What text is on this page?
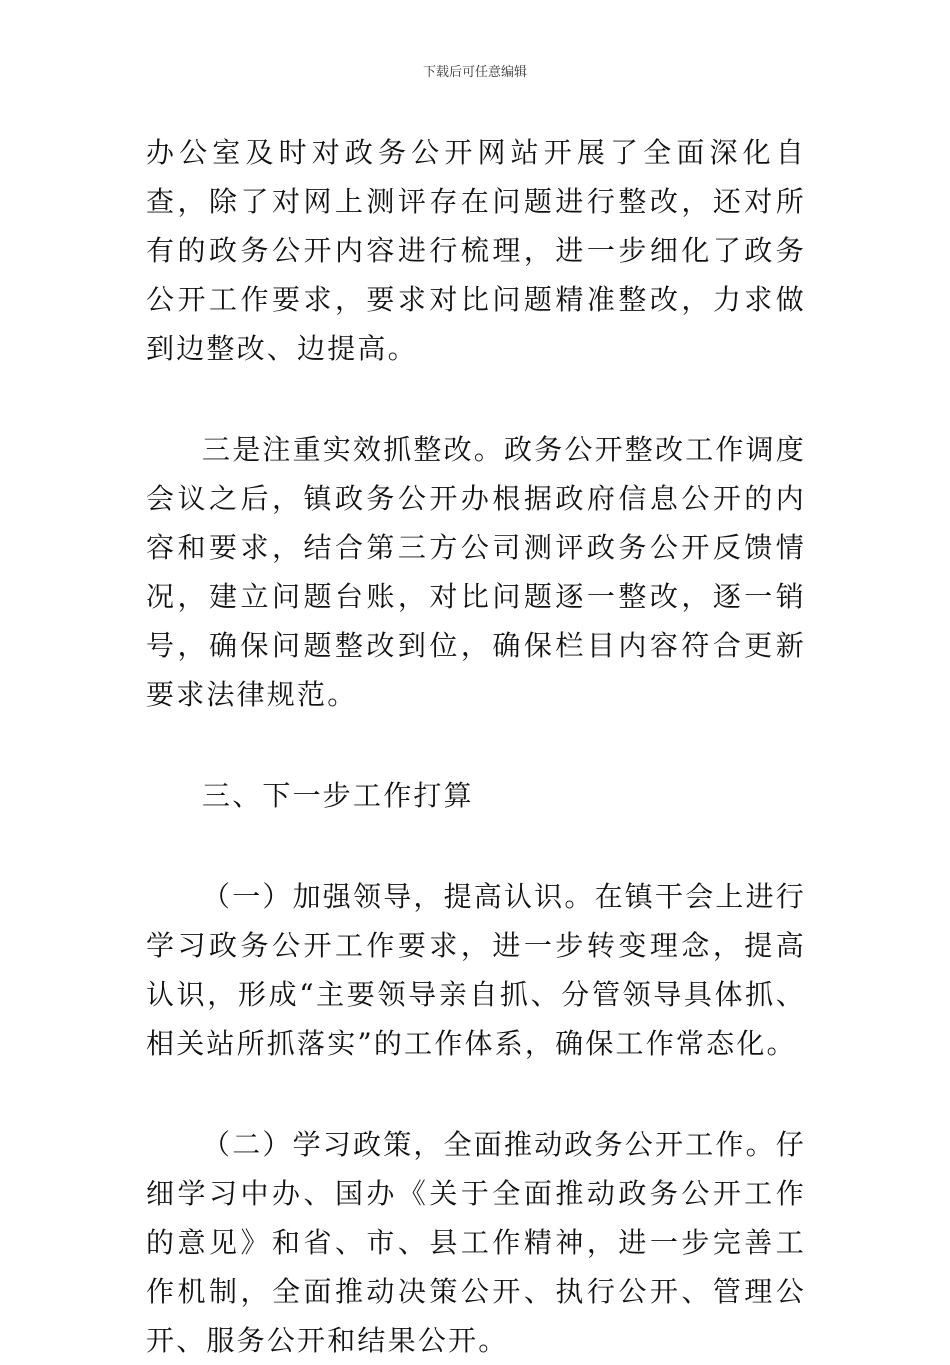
下载后可任意编辑

办公室及时对政务公开网站开展了全面深化自查，除了对网上测评存在问题进行整改，还对所有的政务公开内容进行梳理，进一步细化了政务公开工作要求，要求对比问题精准整改，力求做到边整改、边提高。

三是注重实效抓整改。政务公开整改工作调度会议之后，镇政务公开办根据政府信息公开的内容和要求，结合第三方公司测评政务公开反馈情况，建立问题台账，对比问题逐一整改，逐一销号，确保问题整改到位，确保栏目内容符合更新要求法律规范。

三、下一步工作打算

（一）加强领导，提高认识。在镇干会上进行学习政务公开工作要求，进一步转变理念，提高认识，形成“主要领导亲自抓、分管领导具体抓、相关站所抓落实”的工作体系，确保工作常态化。

（二）学习政策，全面推动政务公开工作。仔细学习中办、国办《关于全面推动政务公开工作的意见》和省、市、县工作精神，进一步完善工作机制，全面推动决策公开、执行公开、管理公开、服务公开和结果公开。
